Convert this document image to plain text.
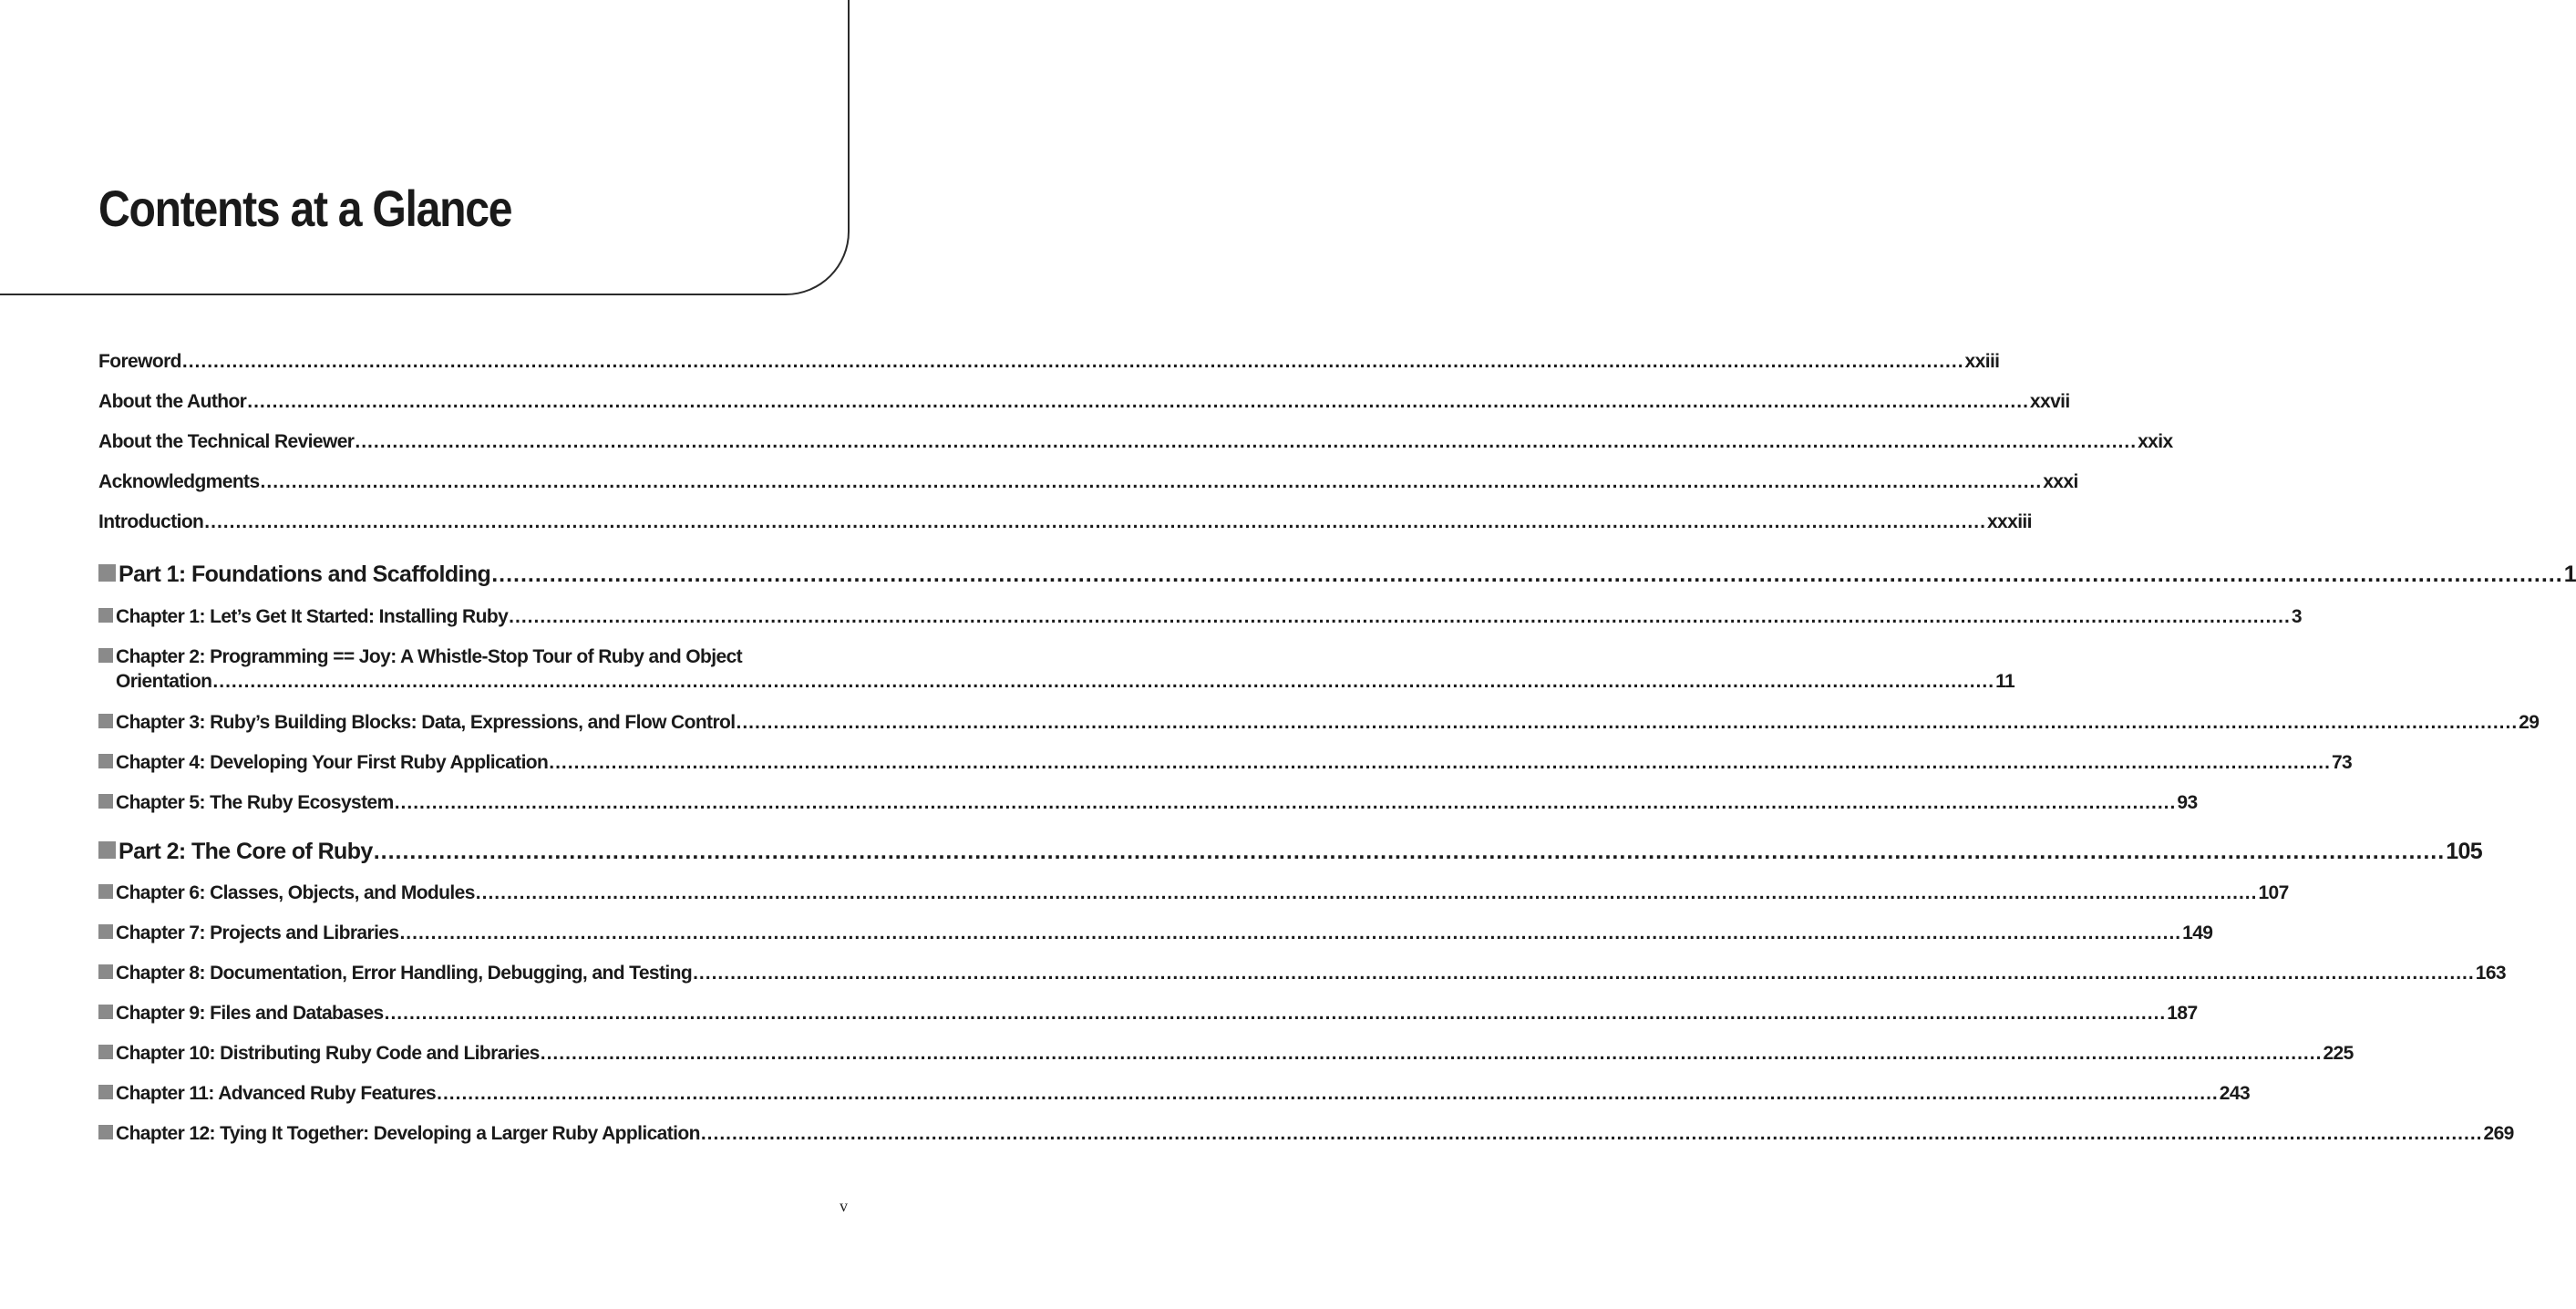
Contents at a Glance
Foreword .............................................................................................................................................................................................................................................................................................. xxiii
About the Author .............................................................................................................................................................................................................................................................................................. xxvii
About the Technical Reviewer .............................................................................................................................................................................................................................................................................................. xxix
Acknowledgments .............................................................................................................................................................................................................................................................................................. xxxi
Introduction .............................................................................................................................................................................................................................................................................................. xxxiii
Part 1: Foundations and Scaffolding .............................................................................................................................................................................................................................................................................................. 1
Chapter 1: Let’s Get It Started: Installing Ruby .............................................................................................................................................................................................................................................................................................. 3
Chapter 2: Programming == Joy: A Whistle-Stop Tour of Ruby and Object
Orientation .............................................................................................................................................................................................................................................................................................. 11
Chapter 3: Ruby’s Building Blocks: Data, Expressions, and Flow Control .............................................................................................................................................................................................................................................................................................. 29
Chapter 4: Developing Your First Ruby Application .............................................................................................................................................................................................................................................................................................. 73
Chapter 5: The Ruby Ecosystem .............................................................................................................................................................................................................................................................................................. 93
Part 2: The Core of Ruby .............................................................................................................................................................................................................................................................................................. 105
Chapter 6: Classes, Objects, and Modules .............................................................................................................................................................................................................................................................................................. 107
Chapter 7: Projects and Libraries .............................................................................................................................................................................................................................................................................................. 149
Chapter 8: Documentation, Error Handling, Debugging, and Testing .............................................................................................................................................................................................................................................................................................. 163
Chapter 9: Files and Databases .............................................................................................................................................................................................................................................................................................. 187
Chapter 10: Distributing Ruby Code and Libraries .............................................................................................................................................................................................................................................................................................. 225
Chapter 11: Advanced Ruby Features .............................................................................................................................................................................................................................................................................................. 243
Chapter 12: Tying It Together: Developing a Larger Ruby Application .............................................................................................................................................................................................................................................................................................. 269
v
